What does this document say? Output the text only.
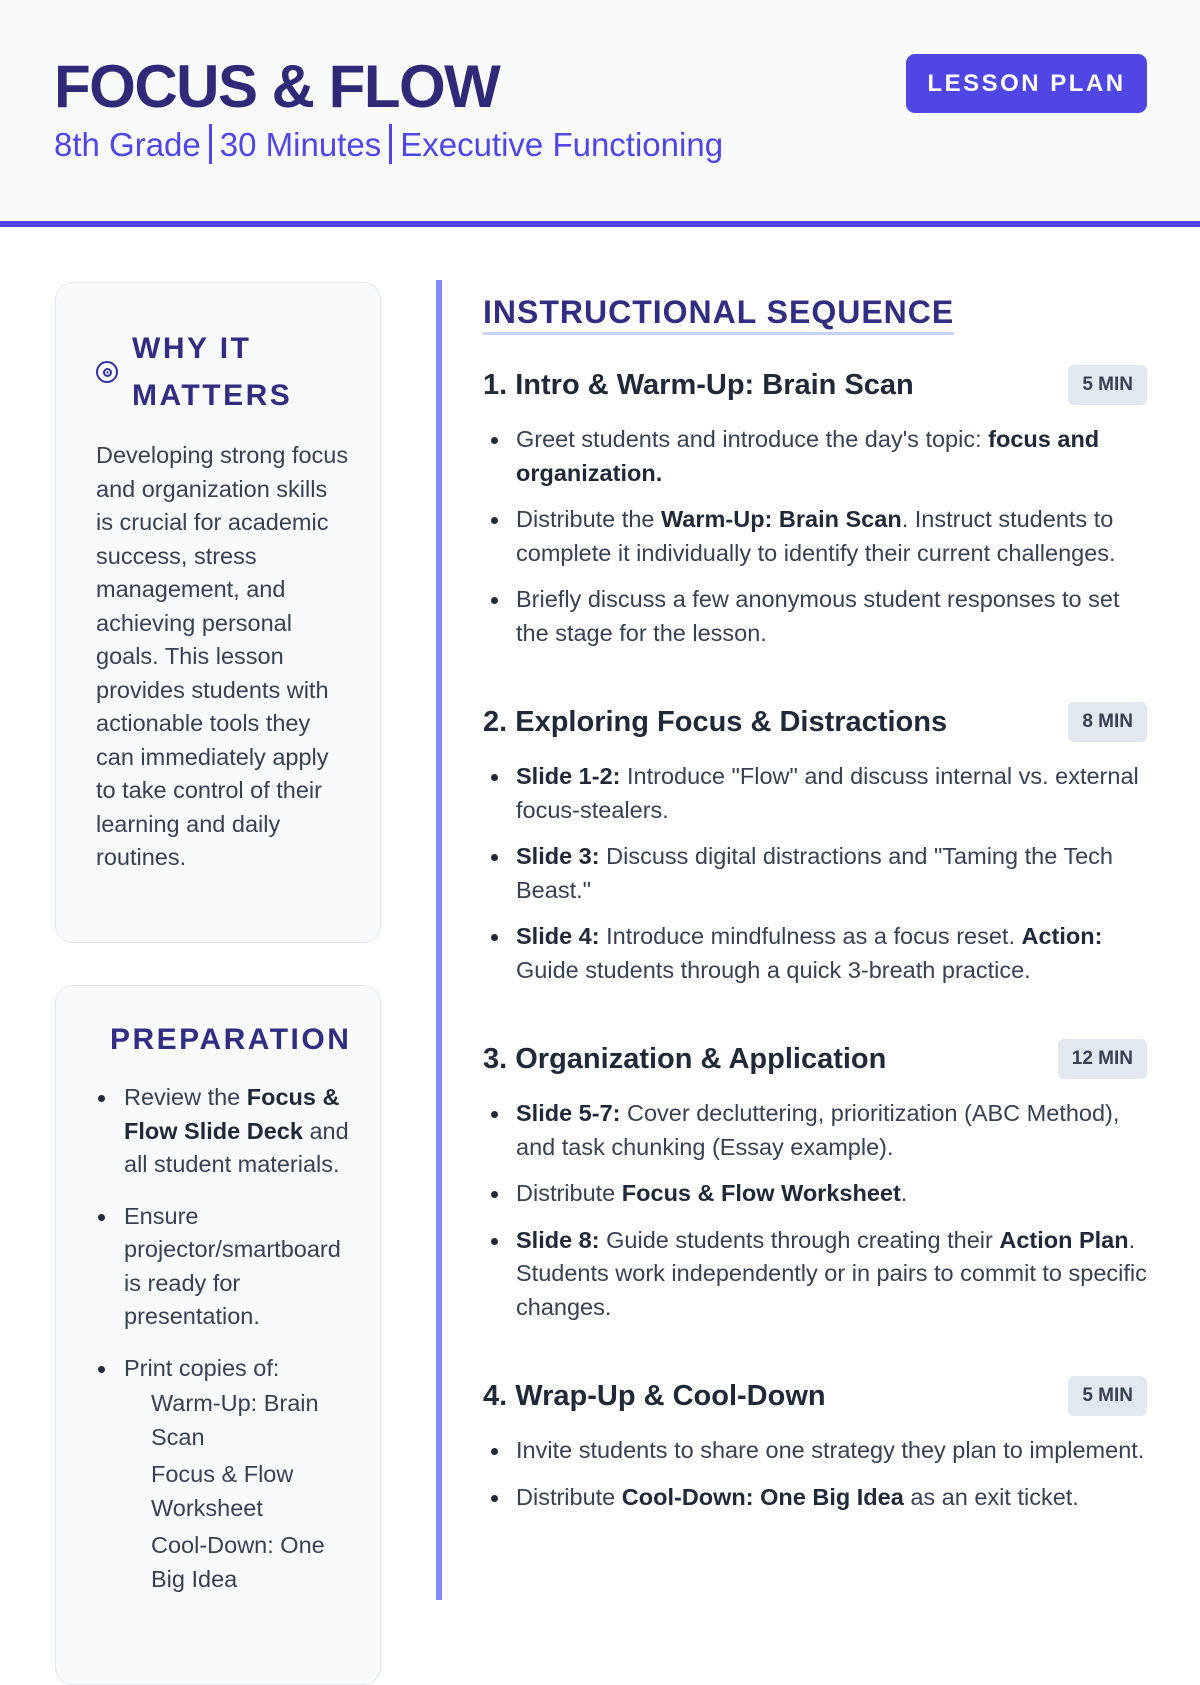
FOCUS & FLOW
8th Grade 30 Minutes Executive Functioning
LESSON PLAN
WHY IT MATTERS
Developing strong focus and organization skills is crucial for academic success, stress management, and achieving personal goals. This lesson provides students with actionable tools they can immediately apply to take control of their learning and daily routines.
PREPARATION
Review the Focus & Flow Slide Deck and all student materials.
Ensure projector/smartboard is ready for presentation.
Print copies of:
Warm-Up: Brain Scan
Focus & Flow Worksheet
Cool-Down: One Big Idea
INSTRUCTIONAL SEQUENCE
1. Intro & Warm-Up: Brain Scan	5 MIN
Greet students and introduce the day's topic: focus and organization.
Distribute the Warm-Up: Brain Scan. Instruct students to complete it individually to identify their current challenges.
Briefly discuss a few anonymous student responses to set the stage for the lesson.
2. Exploring Focus & Distractions	8 MIN
Slide 1-2: Introduce "Flow" and discuss internal vs. external focus-stealers.
Slide 3: Discuss digital distractions and "Taming the Tech Beast."
Slide 4: Introduce mindfulness as a focus reset. Action: Guide students through a quick 3-breath practice.
3. Organization & Application	12 MIN
Slide 5-7: Cover decluttering, prioritization (ABC Method), and task chunking (Essay example).
Distribute Focus & Flow Worksheet.
Slide 8: Guide students through creating their Action Plan. Students work independently or in pairs to commit to specific changes.
4. Wrap-Up & Cool-Down	5 MIN
Invite students to share one strategy they plan to implement.
Distribute Cool-Down: One Big Idea as an exit ticket.
